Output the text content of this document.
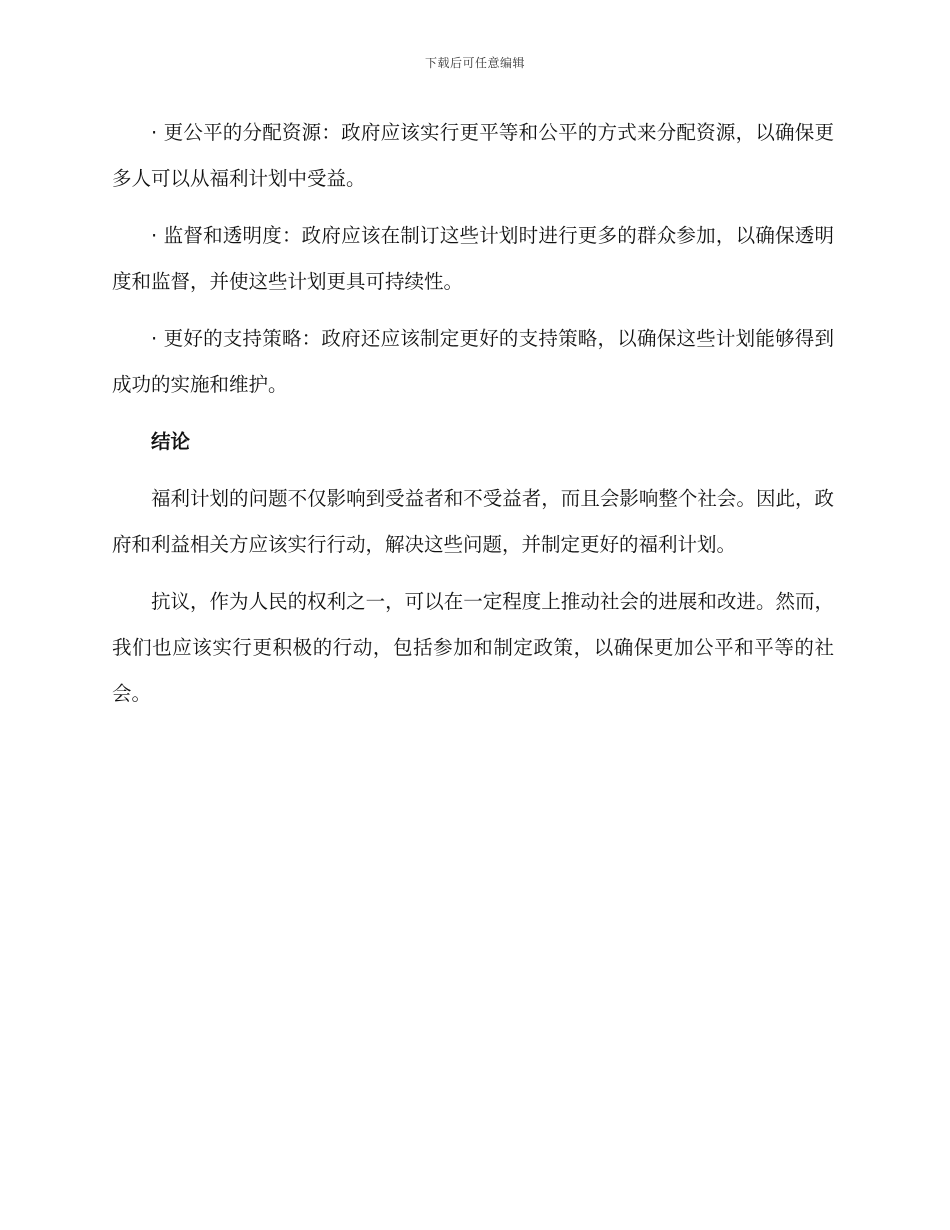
下载后可任意编辑

· 更公平的分配资源：政府应该实行更平等和公平的方式来分配资源，以确保更多人可以从福利计划中受益。

· 监督和透明度：政府应该在制订这些计划时进行更多的群众参加，以确保透明度和监督，并使这些计划更具可持续性。

· 更好的支持策略：政府还应该制定更好的支持策略，以确保这些计划能够得到成功的实施和维护。

结论

福利计划的问题不仅影响到受益者和不受益者，而且会影响整个社会。因此，政府和利益相关方应该实行行动，解决这些问题，并制定更好的福利计划。

抗议，作为人民的权利之一，可以在一定程度上推动社会的进展和改进。然而，我们也应该实行更积极的行动，包括参加和制定政策，以确保更加公平和平等的社会。
